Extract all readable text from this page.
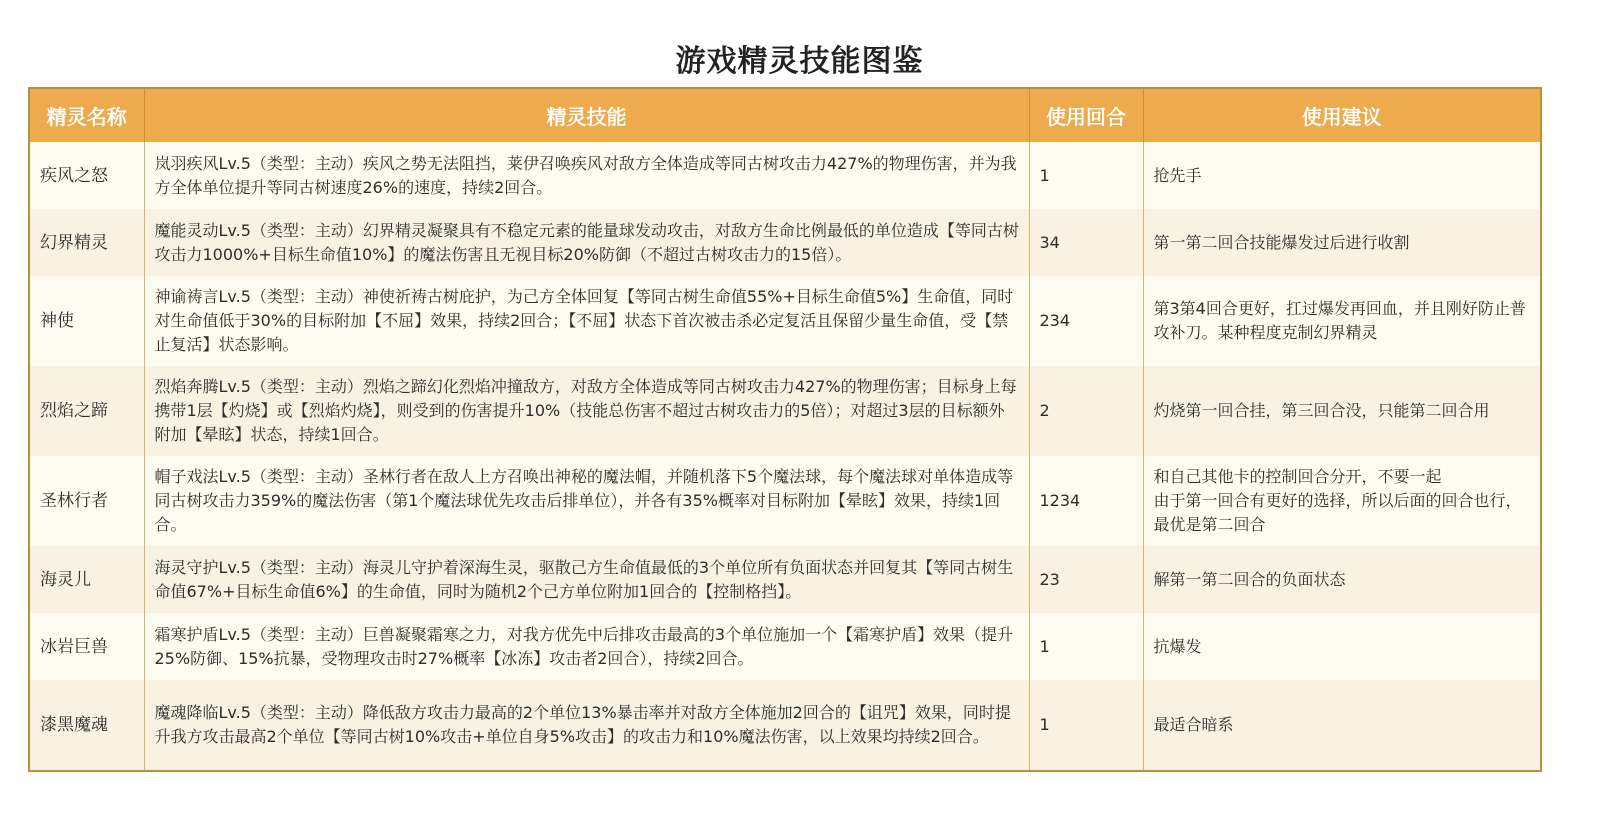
游戏精灵技能图鉴
精灵名称	精灵技能	使用回合	使用建议
疾风之怒	岚羽疾风Lv.5（类型：主动）疾风之势无法阻挡，莱伊召唤疾风对敌方全体造成等同古树攻击力427%的物理伤害，并为我方全体单位提升等同古树速度26%的速度，持续2回合。	1	抢先手
幻界精灵	魔能灵动Lv.5（类型：主动）幻界精灵凝聚具有不稳定元素的能量球发动攻击，对敌方生命比例最低的单位造成【等同古树攻击力1000%+目标生命值10%】的魔法伤害且无视目标20%防御（不超过古树攻击力的15倍）。	34	第一第二回合技能爆发过后进行收割
神使	神谕祷言Lv.5（类型：主动）神使祈祷古树庇护，为己方全体回复【等同古树生命值55%+目标生命值5%】生命值，同时对生命值低于30%的目标附加【不屈】效果，持续2回合；【不屈】状态下首次被击杀必定复活且保留少量生命值，受【禁止复活】状态影响。	234	第3第4回合更好，扛过爆发再回血，并且刚好防止普攻补刀。某种程度克制幻界精灵
烈焰之蹄	烈焰奔腾Lv.5（类型：主动）烈焰之蹄幻化烈焰冲撞敌方，对敌方全体造成等同古树攻击力427%的物理伤害；目标身上每携带1层【灼烧】或【烈焰灼烧】，则受到的伤害提升10%（技能总伤害不超过古树攻击力的5倍）；对超过3层的目标额外附加【晕眩】状态，持续1回合。	2	灼烧第一回合挂，第三回合没，只能第二回合用
圣林行者	帽子戏法Lv.5（类型：主动）圣林行者在敌人上方召唤出神秘的魔法帽，并随机落下5个魔法球，每个魔法球对单体造成等同古树攻击力359%的魔法伤害（第1个魔法球优先攻击后排单位），并各有35%概率对目标附加【晕眩】效果，持续1回合。	1234	和自己其他卡的控制回合分开，不要一起
由于第一回合有更好的选择，所以后面的回合也行，最优是第二回合
海灵儿	海灵守护Lv.5（类型：主动）海灵儿守护着深海生灵，驱散己方生命值最低的3个单位所有负面状态并回复其【等同古树生命值67%+目标生命值6%】的生命值，同时为随机2个己方单位附加1回合的【控制格挡】。	23	解第一第二回合的负面状态
冰岩巨兽	霜寒护盾Lv.5（类型：主动）巨兽凝聚霜寒之力，对我方优先中后排攻击最高的3个单位施加一个【霜寒护盾】效果（提升25%防御、15%抗暴，受物理攻击时27%概率【冰冻】攻击者2回合），持续2回合。	1	抗爆发
漆黑魔魂	魔魂降临Lv.5（类型：主动）降低敌方攻击力最高的2个单位13%暴击率并对敌方全体施加2回合的【诅咒】效果，同时提升我方攻击最高2个单位【等同古树10%攻击+单位自身5%攻击】的攻击力和10%魔法伤害，以上效果均持续2回合。	1	最适合暗系
